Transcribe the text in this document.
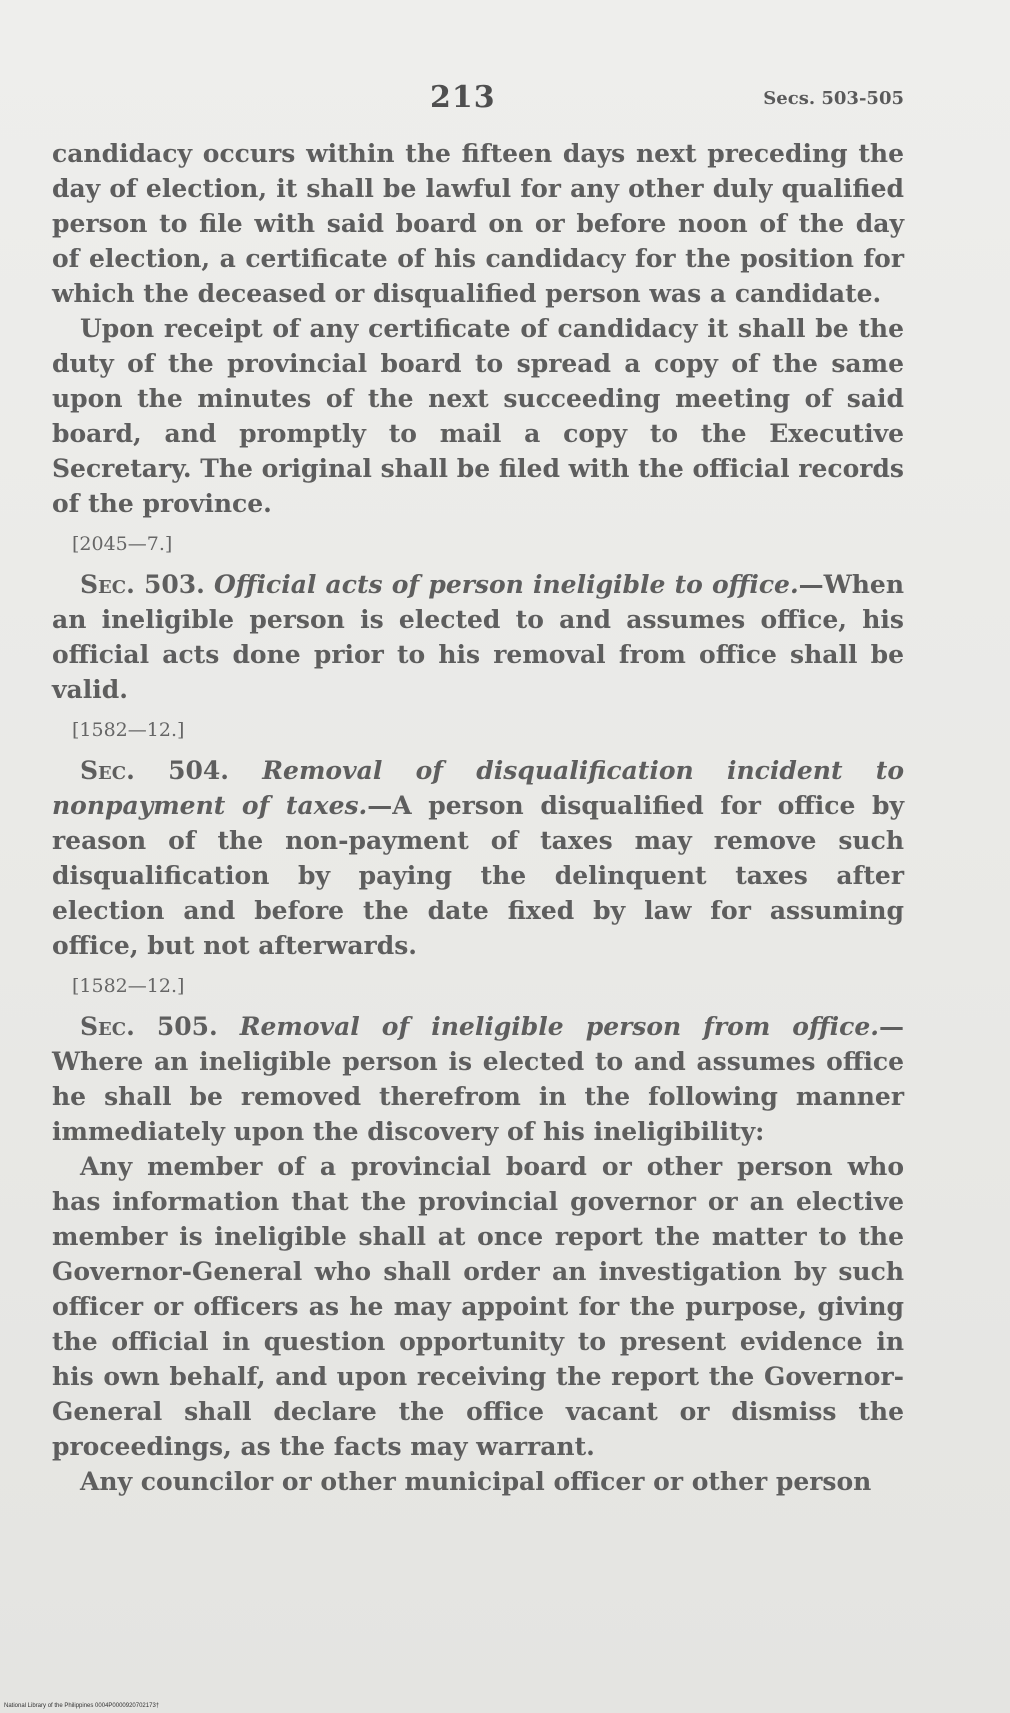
213	Secs. 503-505

candidacy occurs within the fifteen days next preceding the day of election, it shall be lawful for any other duly qualified person to file with said board on or before noon of the day of election, a certificate of his candidacy for the position for which the deceased or disqualified person was a candidate.

Upon receipt of any certificate of candidacy it shall be the duty of the provincial board to spread a copy of the same upon the minutes of the next succeeding meeting of said board, and promptly to mail a copy to the Executive Secretary. The original shall be filed with the official records of the province.

[2045—7.]

Sec. 503. Official acts of person ineligible to office.—When an ineligible person is elected to and assumes office, his official acts done prior to his removal from office shall be valid.

[1582—12.]

Sec. 504. Removal of disqualification incident to nonpayment of taxes.—A person disqualified for office by reason of the non-payment of taxes may remove such disqualification by paying the delinquent taxes after election and before the date fixed by law for assuming office, but not afterwards.

[1582—12.]

Sec. 505. Removal of ineligible person from office.— Where an ineligible person is elected to and assumes office he shall be removed therefrom in the following manner immediately upon the discovery of his ineligibility:

Any member of a provincial board or other person who has information that the provincial governor or an elective member is ineligible shall at once report the matter to the Governor-General who shall order an investigation by such officer or officers as he may appoint for the purpose, giving the official in question opportunity to present evidence in his own behalf, and upon receiving the report the Governor-General shall declare the office vacant or dismiss the proceedings, as the facts may warrant.

Any councilor or other municipal officer or other person

National Library of the Philippines 0004P0000920702173†
